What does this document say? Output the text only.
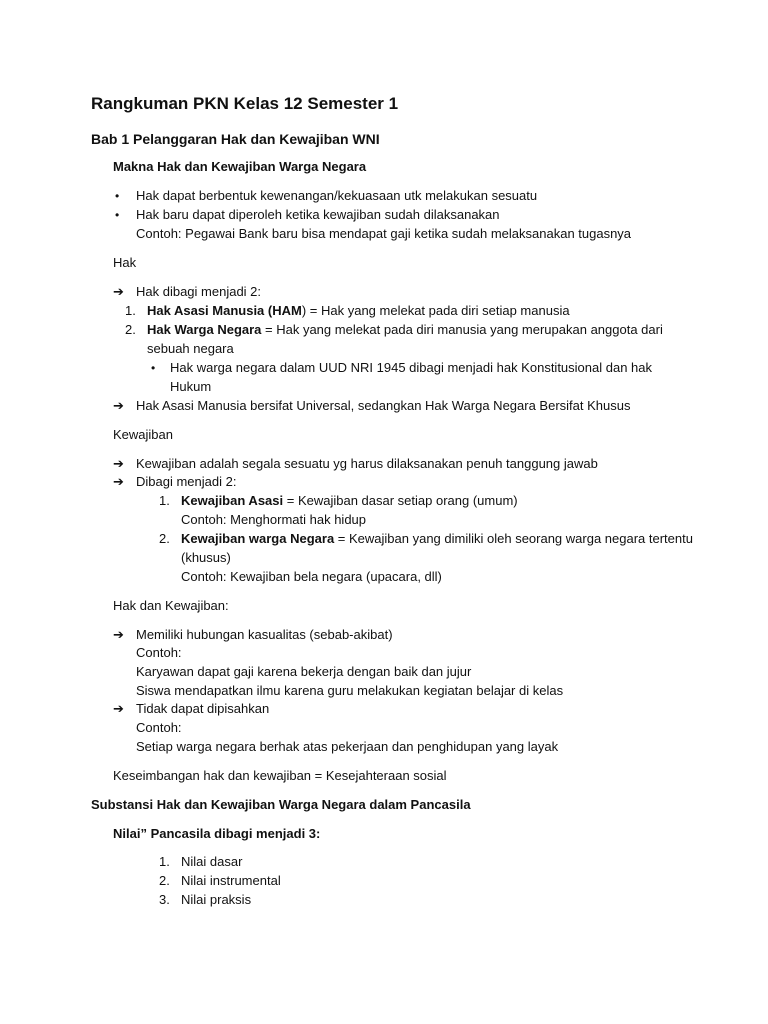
Rangkuman PKN Kelas 12 Semester 1
Bab 1 Pelanggaran Hak dan Kewajiban WNI
Makna Hak dan Kewajiban Warga Negara
• Hak dapat berbentuk kewenangan/kekuasaan utk melakukan sesuatu
• Hak baru dapat diperoleh ketika kewajiban sudah dilaksanakan
Contoh: Pegawai Bank baru bisa mendapat gaji ketika sudah melaksanakan tugasnya
Hak
➔ Hak dibagi menjadi 2:
1. Hak Asasi Manusia (HAM) = Hak yang melekat pada diri setiap manusia
2. Hak Warga Negara = Hak yang melekat pada diri manusia yang merupakan anggota dari
sebuah negara
• Hak warga negara dalam UUD NRI 1945 dibagi menjadi hak Konstitusional dan hak
Hukum
➔ Hak Asasi Manusia bersifat Universal, sedangkan Hak Warga Negara Bersifat Khusus
Kewajiban
➔ Kewajiban adalah segala sesuatu yg harus dilaksanakan penuh tanggung jawab
➔ Dibagi menjadi 2:
1. Kewajiban Asasi = Kewajiban dasar setiap orang (umum)
Contoh: Menghormati hak hidup
2. Kewajiban warga Negara = Kewajiban yang dimiliki oleh seorang warga negara tertentu
(khusus)
Contoh: Kewajiban bela negara (upacara, dll)
Hak dan Kewajiban:
➔ Memiliki hubungan kasualitas (sebab-akibat)
Contoh:
Karyawan dapat gaji karena bekerja dengan baik dan jujur
Siswa mendapatkan ilmu karena guru melakukan kegiatan belajar di kelas
➔ Tidak dapat dipisahkan
Contoh:
Setiap warga negara berhak atas pekerjaan dan penghidupan yang layak
Keseimbangan hak dan kewajiban = Kesejahteraan sosial
Substansi Hak dan Kewajiban Warga Negara dalam Pancasila
Nilai” Pancasila dibagi menjadi 3:
1. Nilai dasar
2. Nilai instrumental
3. Nilai praksis
